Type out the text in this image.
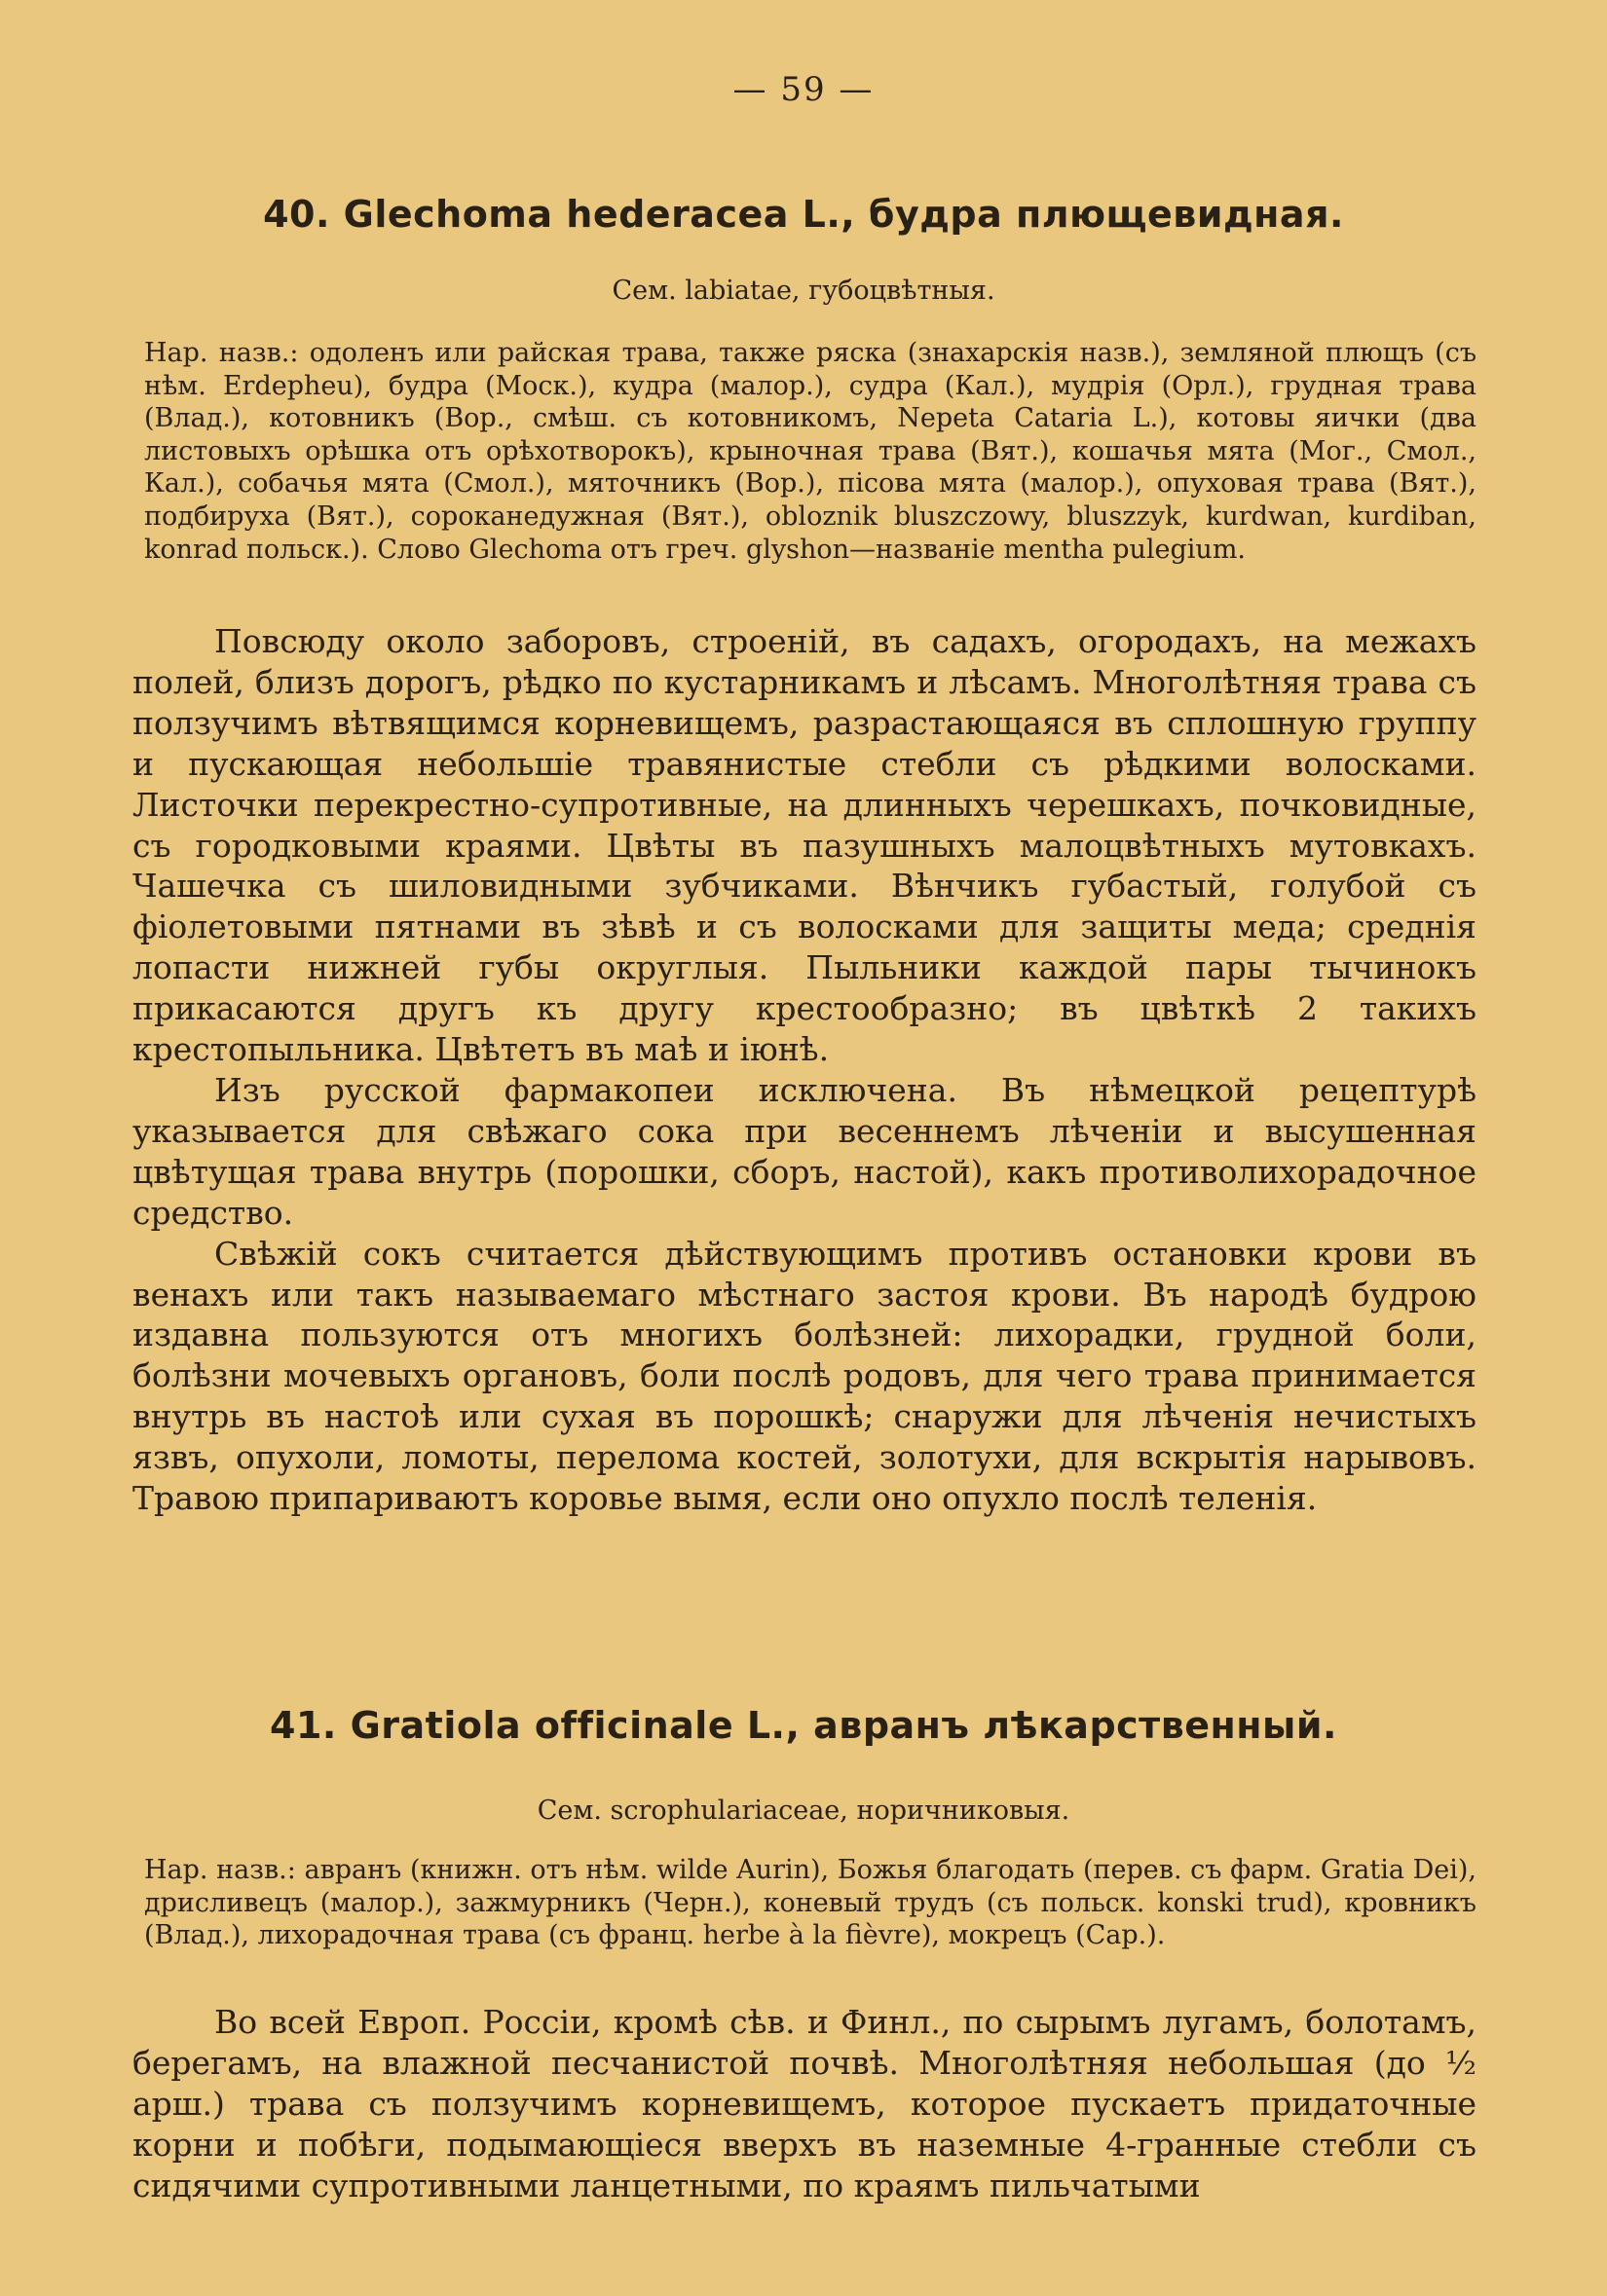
— 59 —
40. Glechoma hederacea L., будра плющевидная.
Сем. labiatae, губоцвѣтныя.
Нар. назв.: одоленъ или райская трава, также ряска (знахарскія назв.), земляной плющъ (съ нѣм. Erdepheu), будра (Моск.), кудра (малор.), судра (Кал.), мудрія (Орл.), грудная трава (Влад.), котовникъ (Вор., смѣш. съ котовникомъ, Nepeta Cataria L.), котовы яички (два листовыхъ орѣшка отъ орѣхотворокъ), крыночная трава (Вят.), кошачья мята (Мог., Смол., Кал.), собачья мята (Смол.), мяточникъ (Вор.), пісова мята (малор.), опуховая трава (Вят.), подбируха (Вят.), сороканедужная (Вят.), obloznik bluszczowy, bluszzyk, kurdwan, kurdiban, konrad польск.). Слово Glechoma отъ греч. glyshon—названіе mentha pulegium.

Повсюду около заборовъ, строеній, въ садахъ, огородахъ, на межахъ полей, близъ дорогъ, рѣдко по кустарникамъ и лѣсамъ. Многолѣтняя трава съ ползучимъ вѣтвящимся корневищемъ, разрастающаяся въ сплошную группу и пускающая небольшіе травянистые стебли съ рѣдкими волосками. Листочки перекрестно-супротивные, на длинныхъ черешкахъ, почковидные, съ городковыми краями. Цвѣты въ пазушныхъ малоцвѣтныхъ мутовкахъ. Чашечка съ шиловидными зубчиками. Вѣнчикъ губастый, голубой съ фіолетовыми пятнами въ зѣвѣ и съ волосками для защиты меда; среднія лопасти нижней губы округлыя. Пыльники каждой пары тычинокъ прикасаются другъ къ другу крестообразно; въ цвѣткѣ 2 такихъ крестопыльника. Цвѣтетъ въ маѣ и іюнѣ.

Изъ русской фармакопеи исключена. Въ нѣмецкой рецептурѣ указывается для свѣжаго сока при весеннемъ лѣченіи и высушенная цвѣтущая трава внутрь (порошки, сборъ, настой), какъ противолихорадочное средство.

Свѣжій сокъ считается дѣйствующимъ противъ остановки крови въ венахъ или такъ называемаго мѣстнаго застоя крови. Въ народѣ будрою издавна пользуются отъ многихъ болѣзней: лихорадки, грудной боли, болѣзни мочевыхъ органовъ, боли послѣ родовъ, для чего трава принимается внутрь въ настоѣ или сухая въ порошкѣ; снаружи для лѣченія нечистыхъ язвъ, опухоли, ломоты, перелома костей, золотухи, для вскрытія нарывовъ. Травою припариваютъ коровье вымя, если оно опухло послѣ теленія.

41. Gratiola officinale L., авранъ лѣкарственный.
Сем. scrophulariaceae, норичниковыя.
Нар. назв.: авранъ (книжн. отъ нѣм. wilde Aurin), Божья благодать (перев. съ фарм. Gratia Dei), дрисливецъ (малор.), зажмурникъ (Черн.), коневый трудъ (съ польск. konski trud), кровникъ (Влад.), лихорадочная трава (съ франц. herbe à la fièvre), мокрецъ (Сар.).

Во всей Европ. Россіи, кромѣ сѣв. и Финл., по сырымъ лугамъ, болотамъ, берегамъ, на влажной песчанистой почвѣ. Многолѣтняя небольшая (до ½ арш.) трава съ ползучимъ корневищемъ, которое пускаетъ придаточные корни и побѣги, подымающіеся вверхъ въ наземные 4-гранные стебли съ сидячими супротивными ланцетными, по краямъ пильчатыми
